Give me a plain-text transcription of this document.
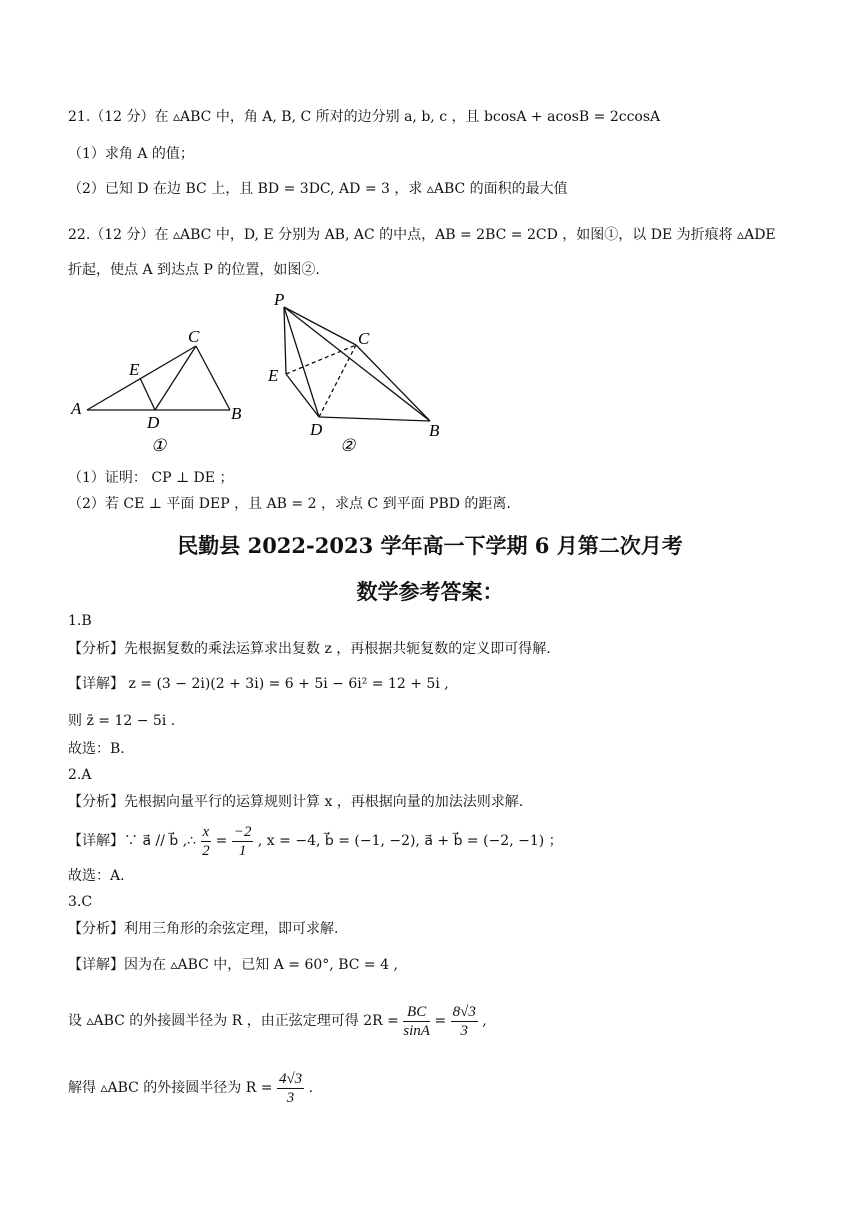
21.（12 分）在 ▵ABC 中，角 A, B, C 所对的边分别 a, b, c ，且 bcosA + acosB = 2ccosA
（1）求角 A 的值；
（2）已知 D 在边 BC 上，且 BD = 3DC, AD = 3 ，求 ▵ABC 的面积的最大值
22.（12 分）在 ▵ABC 中，D, E 分别为 AB, AC 的中点，AB = 2BC = 2CD ，如图①，以 DE 为折痕将 ▵ADE
折起，使点 A 到达点 P 的位置，如图②.
A	B
C
D
E
①
P
C
E
D	B
②
（1）证明： CP ⊥ DE ；
（2）若 CE ⊥ 平面 DEP ，且 AB = 2 ，求点 C 到平面 PBD 的距离.
民勤县 2022-2023 学年高一下学期 6 月第二次月考
数学参考答案：
1.B
【分析】先根据复数的乘法运算求出复数 z ，再根据共轭复数的定义即可得解.
【详解】 z = (3 − 2i)(2 + 3i) = 6 + 5i − 6i² = 12 + 5i ,
则 z̄ = 12 − 5i .
故选：B.
2.A
【分析】先根据向量平行的运算规则计算 x ，再根据向量的加法法则求解.
【详解】∵ a⃗ // b⃗ ,∴ $\frac{x}{2} = \frac{-2}{1}$ , x = −4, b⃗ = (−1, −2), a⃗ + b⃗ = (−2, −1) ；
故选：A.
3.C
【分析】利用三角形的余弦定理，即可求解.
【详解】因为在 ▵ABC 中，已知 A = 60°, BC = 4 ,
设 ▵ABC 的外接圆半径为 R ，由正弦定理可得 $2R = \frac{BC}{\sin A} = \frac{8√3}{3}$ ,
解得 ▵ABC 的外接圆半径为 $R = \frac{4√3}{3}$ .
